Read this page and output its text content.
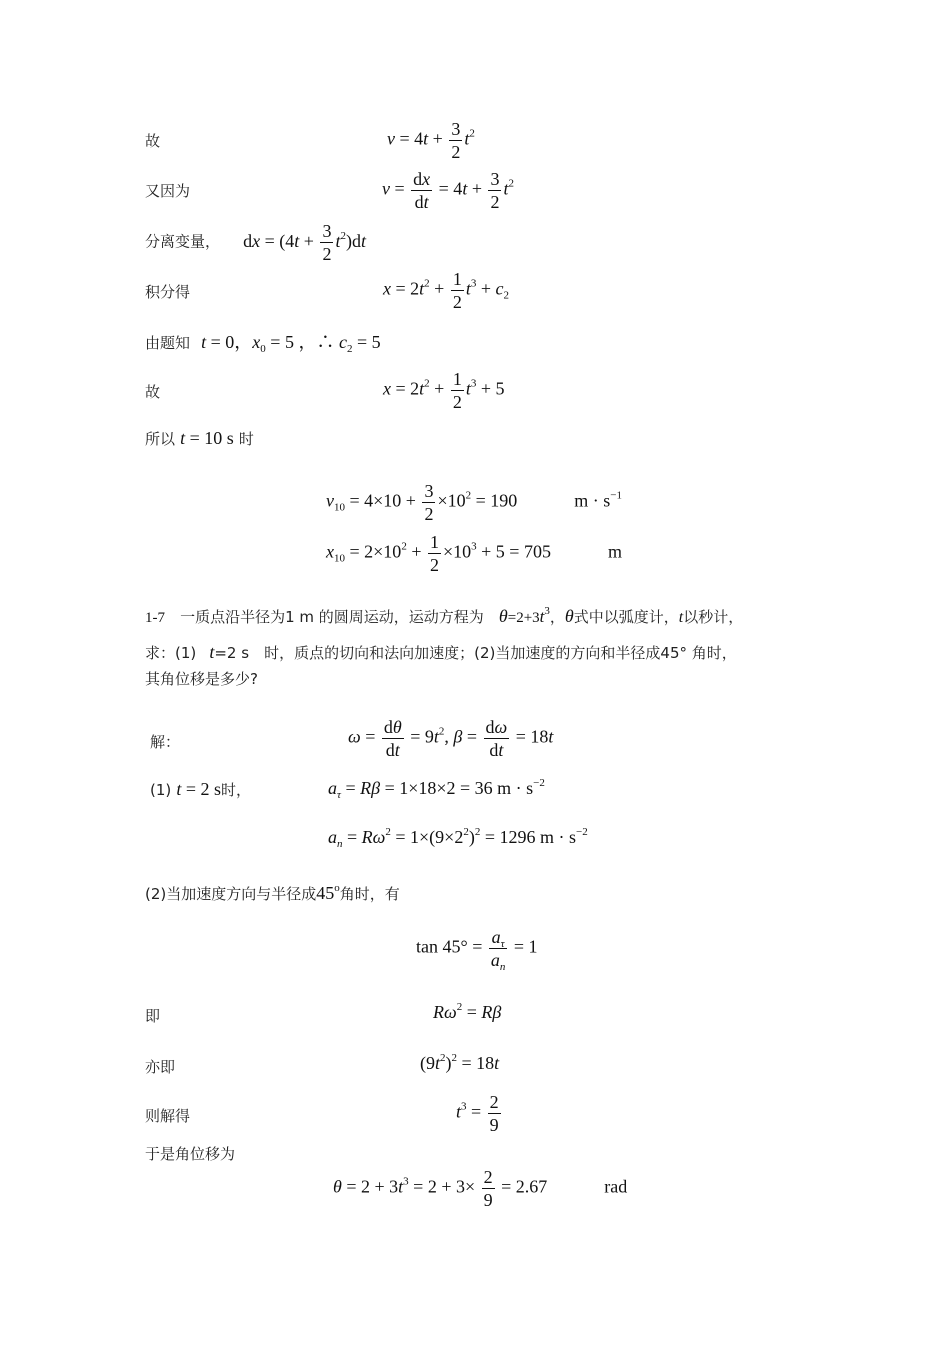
故	$v = 4t + \frac{3}{2} t^2$
又因为	$v = \frac{dx}{dt} = 4t + \frac{3}{2} t^2$
分离变量， dx = $(4t + \frac{3}{2} t^2)dt$
积分得	$x = 2t^2 + \frac{1}{2} t^3 + c_2$
由题知 t = 0，$x_0 = 5$ ，∴ $c_2 = 5$
故	$x = 2t^2 + \frac{1}{2} t^3 + 5$
所以 t = 10 s 时
$v_{10} = 4\times 10 + \frac{3}{2} \times 10^2 = 190$	$m \cdot s^{-1}$
$x_{10} = 2\times 10^2 + \frac{1}{2} \times 10^3 + 5 = 705$	m
1-7 一质点沿半径为1 m 的圆周运动，运动方程为 $\theta=2+3t^3$，θ式中以弧度计，t以秒计，
求：(1) t=2 s 时，质点的切向和法向加速度；(2)当加速度的方向和半径成45° 角时，
其角位移是多少?
解：	$\omega = \frac{d\theta}{dt} = 9t^2$, $\beta = \frac{d\omega}{dt} = 18t$
(1) t = 2 s时，	$a_\tau = R\beta = 1\times 18\times 2 = 36$ $m \cdot s^{-2}$
$a_n = R\omega^2 = 1\times(9\times 2^2)^2 = 1296$ $m \cdot s^{-2}$
(2)当加速度方向与半径成45$^o$角时，有
$\tan 45^\circ = \frac{a_\tau}{a_n} = 1$
即	$R\omega^2 = R\beta$
亦即	$(9t^2)^2 = 18t$
则解得	$t^3 = \frac{2}{9}$
于是角位移为
$\theta = 2 + 3t^3 = 2 + 3\times \frac{2}{9} = 2.67$	rad
